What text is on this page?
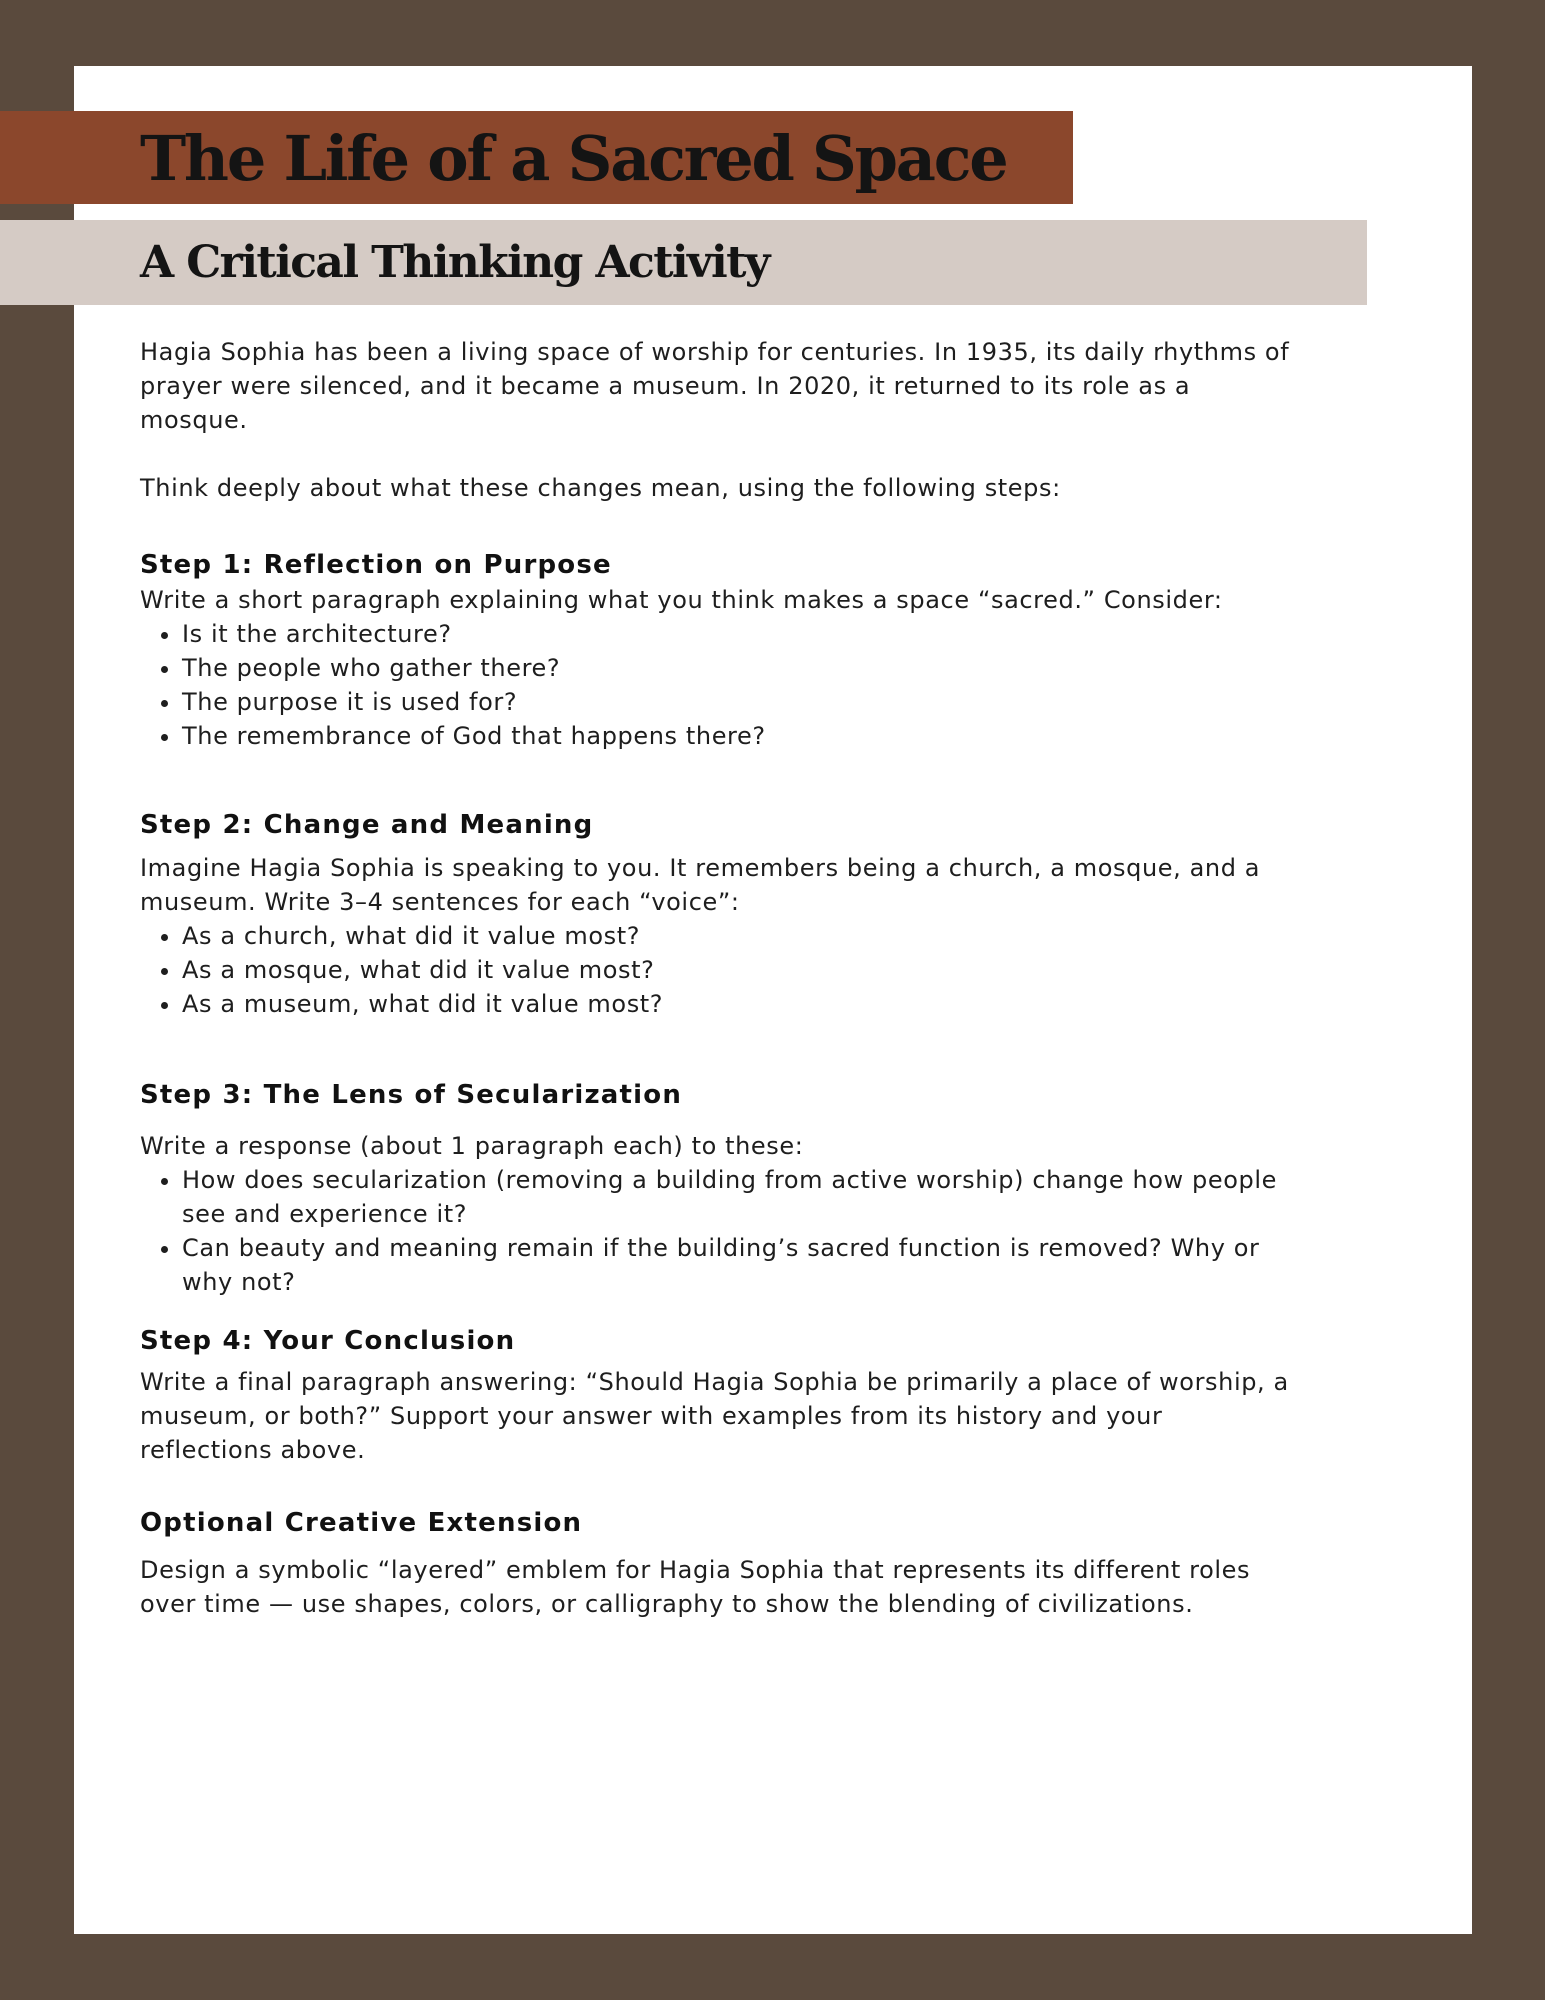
The Life of a Sacred Space
A Critical Thinking Activity

Hagia Sophia has been a living space of worship for centuries. In 1935, its daily rhythms of prayer were silenced, and it became a museum. In 2020, it returned to its role as a mosque.

Think deeply about what these changes mean, using the following steps:

Step 1: Reflection on Purpose

Write a short paragraph explaining what you think makes a space “sacred.” Consider:

• Is it the architecture?
• The people who gather there?
• The purpose it is used for?
• The remembrance of God that happens there?
Step 2: Change and Meaning

Imagine Hagia Sophia is speaking to you. It remembers being a church, a mosque, and a museum. Write 3–4 sentences for each “voice”:

• As a church, what did it value most?
• As a mosque, what did it value most?
• As a museum, what did it value most?
Step 3: The Lens of Secularization

Write a response (about 1 paragraph each) to these:

• How does secularization (removing a building from active worship) change how people see and experience it?
• Can beauty and meaning remain if the building’s sacred function is removed? Why or why not?
Step 4: Your Conclusion

Write a final paragraph answering: “Should Hagia Sophia be primarily a place of worship, a museum, or both?” Support your answer with examples from its history and your reflections above.

Optional Creative Extension

Design a symbolic “layered” emblem for Hagia Sophia that represents its different roles over time — use shapes, colors, or calligraphy to show the blending of civilizations.
